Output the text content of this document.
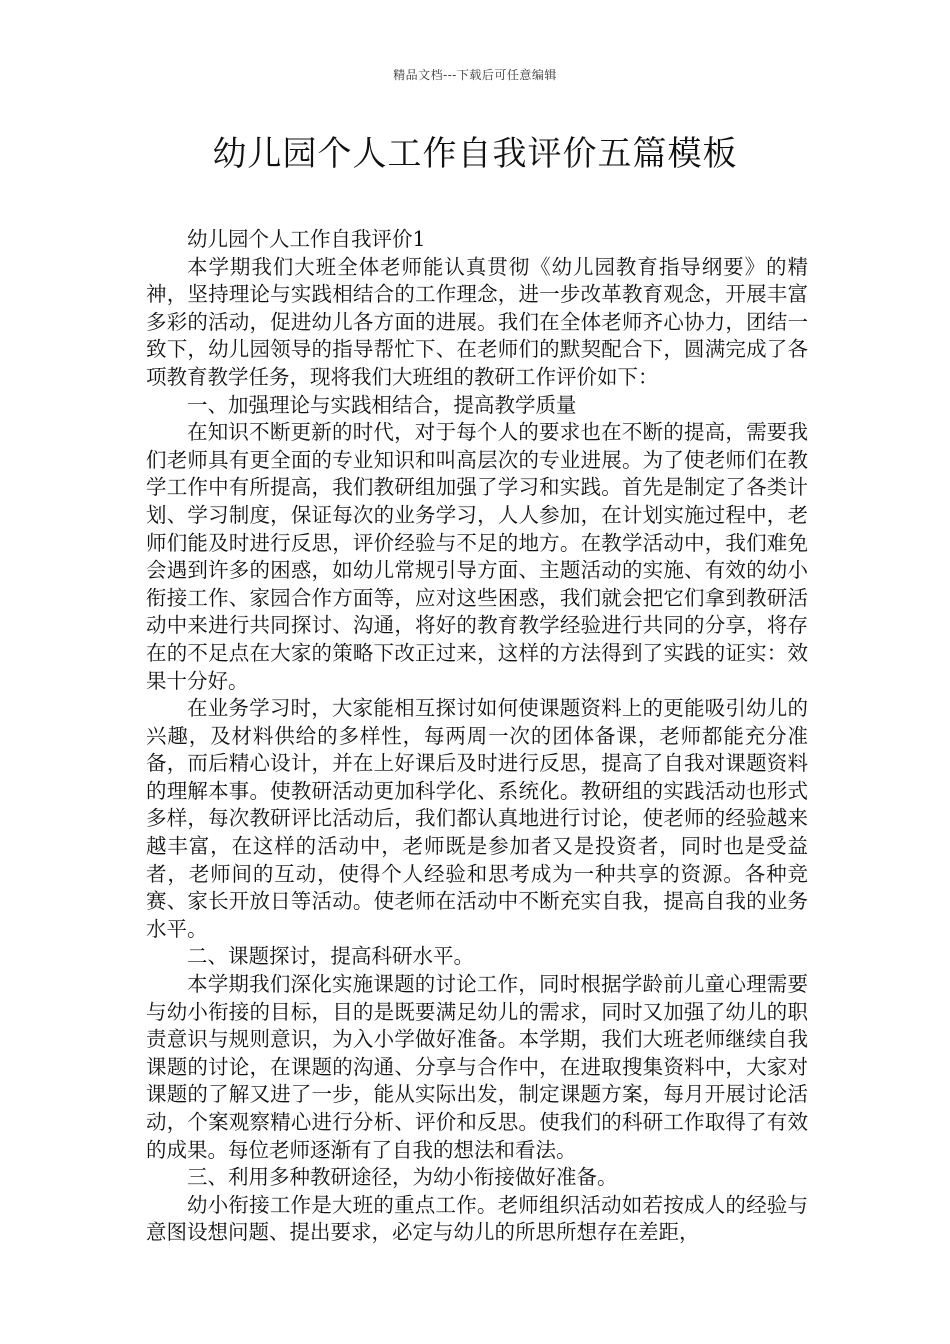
精品文档---下载后可任意编辑
幼儿园个人工作自我评价五篇模板

幼儿园个人工作自我评价1

本学期我们大班全体老师能认真贯彻《幼儿园教育指导纲要》的精神，坚持理论与实践相结合的工作理念，进一步改革教育观念，开展丰富多彩的活动，促进幼儿各方面的进展。我们在全体老师齐心协力，团结一致下，幼儿园领导的指导帮忙下、在老师们的默契配合下，圆满完成了各项教育教学任务，现将我们大班组的教研工作评价如下：

一、加强理论与实践相结合，提高教学质量

在知识不断更新的时代，对于每个人的要求也在不断的提高，需要我们老师具有更全面的专业知识和叫高层次的专业进展。为了使老师们在教学工作中有所提高，我们教研组加强了学习和实践。首先是制定了各类计划、学习制度，保证每次的业务学习，人人参加，在计划实施过程中，老师们能及时进行反思，评价经验与不足的地方。在教学活动中，我们难免会遇到许多的困惑，如幼儿常规引导方面、主题活动的实施、有效的幼小衔接工作、家园合作方面等，应对这些困惑，我们就会把它们拿到教研活动中来进行共同探讨、沟通，将好的教育教学经验进行共同的分享，将存在的不足点在大家的策略下改正过来，这样的方法得到了实践的证实：效果十分好。

在业务学习时，大家能相互探讨如何使课题资料上的更能吸引幼儿的兴趣，及材料供给的多样性，每两周一次的团体备课，老师都能充分准备，而后精心设计，并在上好课后及时进行反思，提高了自我对课题资料的理解本事。使教研活动更加科学化、系统化。教研组的实践活动也形式多样，每次教研评比活动后，我们都认真地进行讨论，使老师的经验越来越丰富，在这样的活动中，老师既是参加者又是投资者，同时也是受益者，老师间的互动，使得个人经验和思考成为一种共享的资源。各种竞赛、家长开放日等活动。使老师在活动中不断充实自我，提高自我的业务水平。

二、课题探讨，提高科研水平。

本学期我们深化实施课题的讨论工作，同时根据学龄前儿童心理需要与幼小衔接的目标，目的是既要满足幼儿的需求，同时又加强了幼儿的职责意识与规则意识，为入小学做好准备。本学期，我们大班老师继续自我课题的讨论，在课题的沟通、分享与合作中，在进取搜集资料中，大家对课题的了解又进了一步，能从实际出发，制定课题方案，每月开展讨论活动，个案观察精心进行分析、评价和反思。使我们的科研工作取得了有效的成果。每位老师逐渐有了自我的想法和看法。

三、利用多种教研途径，为幼小衔接做好准备。

幼小衔接工作是大班的重点工作。老师组织活动如若按成人的经验与意图设想问题、提出要求，必定与幼儿的所思所想存在差距，
